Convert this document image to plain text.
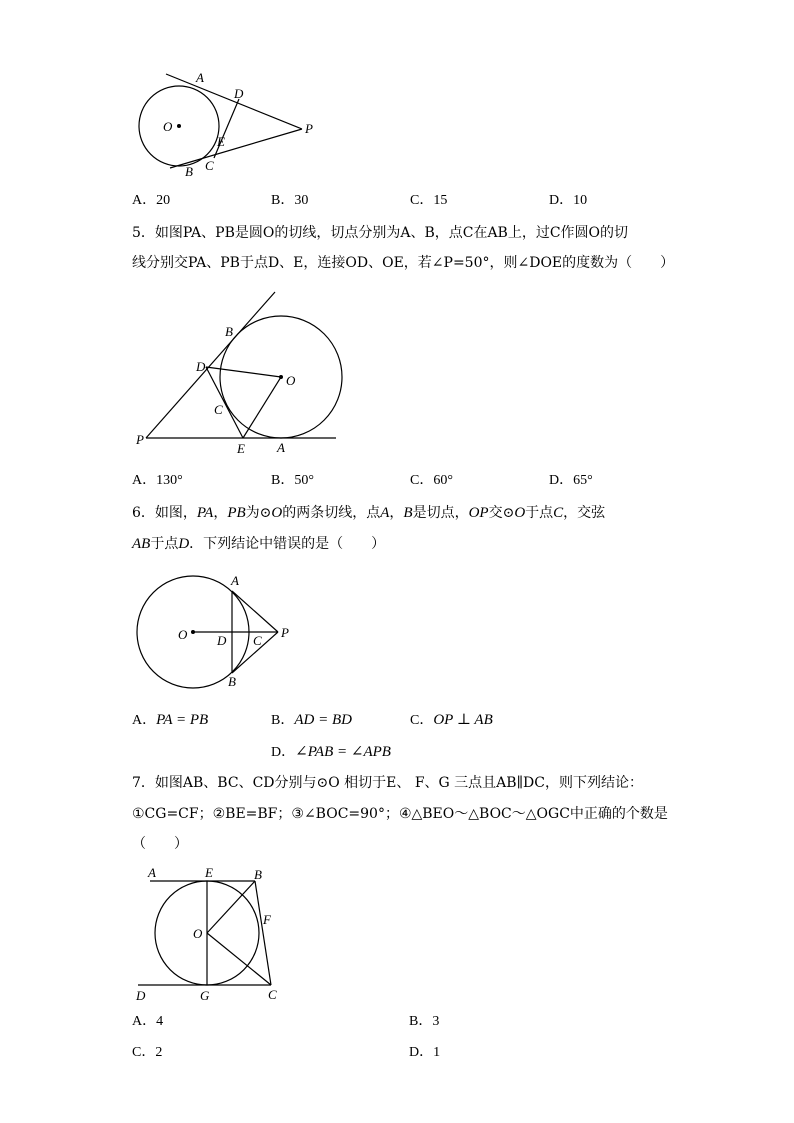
A
D
O
E
P
C
B
A．20	B．30	C．15	D．10
5．如图PA、PB是圆O的切线，切点分别为A、B，点C在AB上，过C作圆O的切
线分别交PA、PB于点D、E，连接OD、OE，若∠P=50°，则∠DOE的度数为（　　）
B
D
O
C
P
E A
A．130°	B．50°	C．60°	D．65°
6．如图，PA，PB为⊙O的两条切线，点A，B是切点，OP交⊙O于点C，交弦
AB于点D．下列结论中错误的是（　　）
A
O D C
P
B
A．PA = PB	B．AD = BD	C．OP ⊥ AB
D．∠PAB = ∠APB
7．如图AB、BC、CD分别与⊙O 相切于E、 F、G 三点且AB∥DC，则下列结论：
①CG=CF；②BE=BF；③∠BOC=90°；④△BEO～△BOC～△OGC中正确的个数是
（　　）
A	E	B
F
O
D	G	C
A．4	B．3
C．2	D．1
